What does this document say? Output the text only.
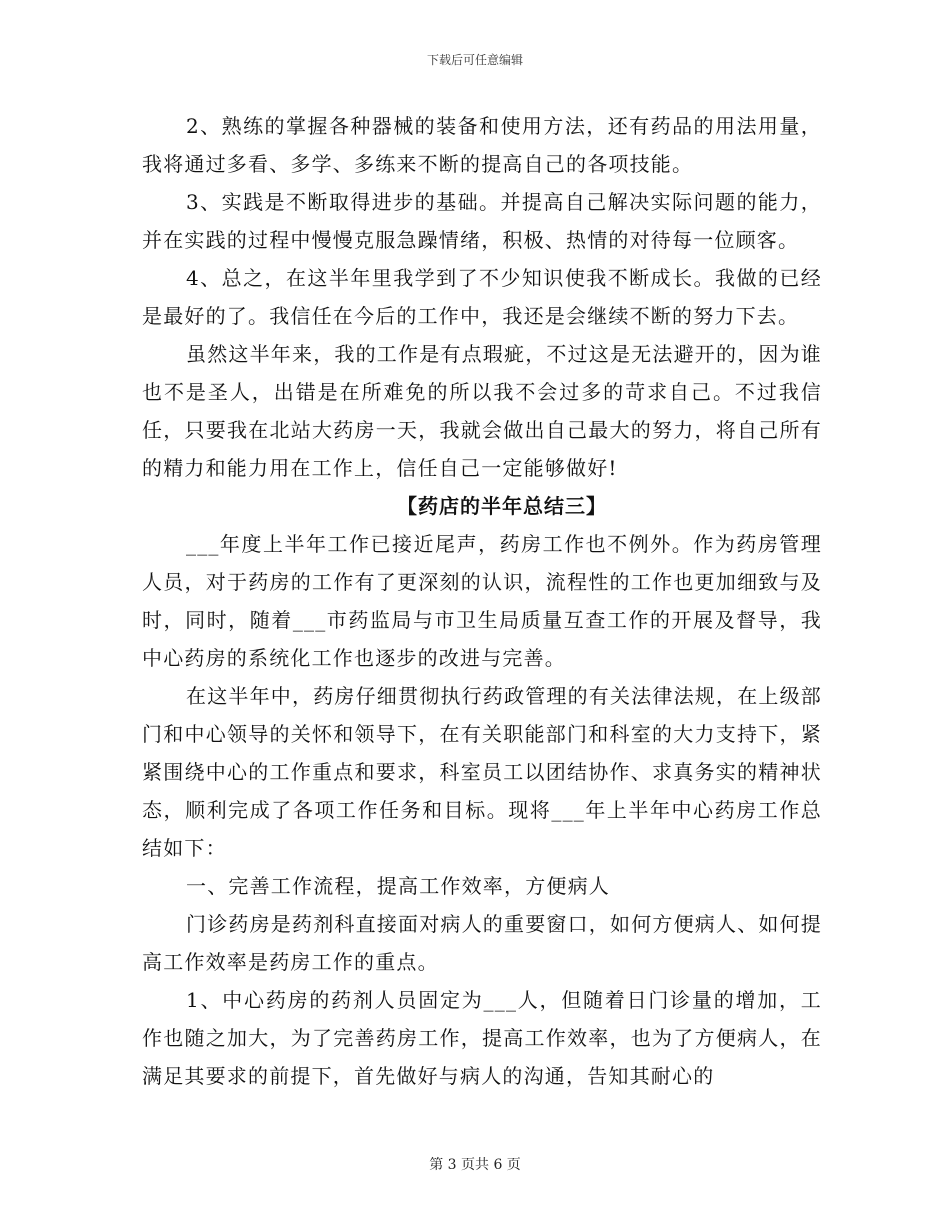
下载后可任意编辑

2、熟练的掌握各种器械的装备和使用方法，还有药品的用法用量，我将通过多看、多学、多练来不断的提高自己的各项技能。

3、实践是不断取得进步的基础。并提高自己解决实际问题的能力，并在实践的过程中慢慢克服急躁情绪，积极、热情的对待每一位顾客。

4、总之，在这半年里我学到了不少知识使我不断成长。我做的已经是最好的了。我信任在今后的工作中，我还是会继续不断的努力下去。

虽然这半年来，我的工作是有点瑕疵，不过这是无法避开的，因为谁也不是圣人，出错是在所难免的所以我不会过多的苛求自己。不过我信任，只要我在北站大药房一天，我就会做出自己最大的努力，将自己所有的精力和能力用在工作上，信任自己一定能够做好!

【药店的半年总结三】

___年度上半年工作已接近尾声，药房工作也不例外。作为药房管理人员，对于药房的工作有了更深刻的认识，流程性的工作也更加细致与及时，同时，随着___市药监局与市卫生局质量互查工作的开展及督导，我中心药房的系统化工作也逐步的改进与完善。

在这半年中，药房仔细贯彻执行药政管理的有关法律法规，在上级部门和中心领导的关怀和领导下，在有关职能部门和科室的大力支持下，紧紧围绕中心的工作重点和要求，科室员工以团结协作、求真务实的精神状态，顺利完成了各项工作任务和目标。现将___年上半年中心药房工作总结如下：

一、完善工作流程，提高工作效率，方便病人

门诊药房是药剂科直接面对病人的重要窗口，如何方便病人、如何提高工作效率是药房工作的重点。

1、中心药房的药剂人员固定为___人，但随着日门诊量的增加，工作也随之加大，为了完善药房工作，提高工作效率，也为了方便病人，在满足其要求的前提下，首先做好与病人的沟通，告知其耐心的

第 3 页共 6 页
